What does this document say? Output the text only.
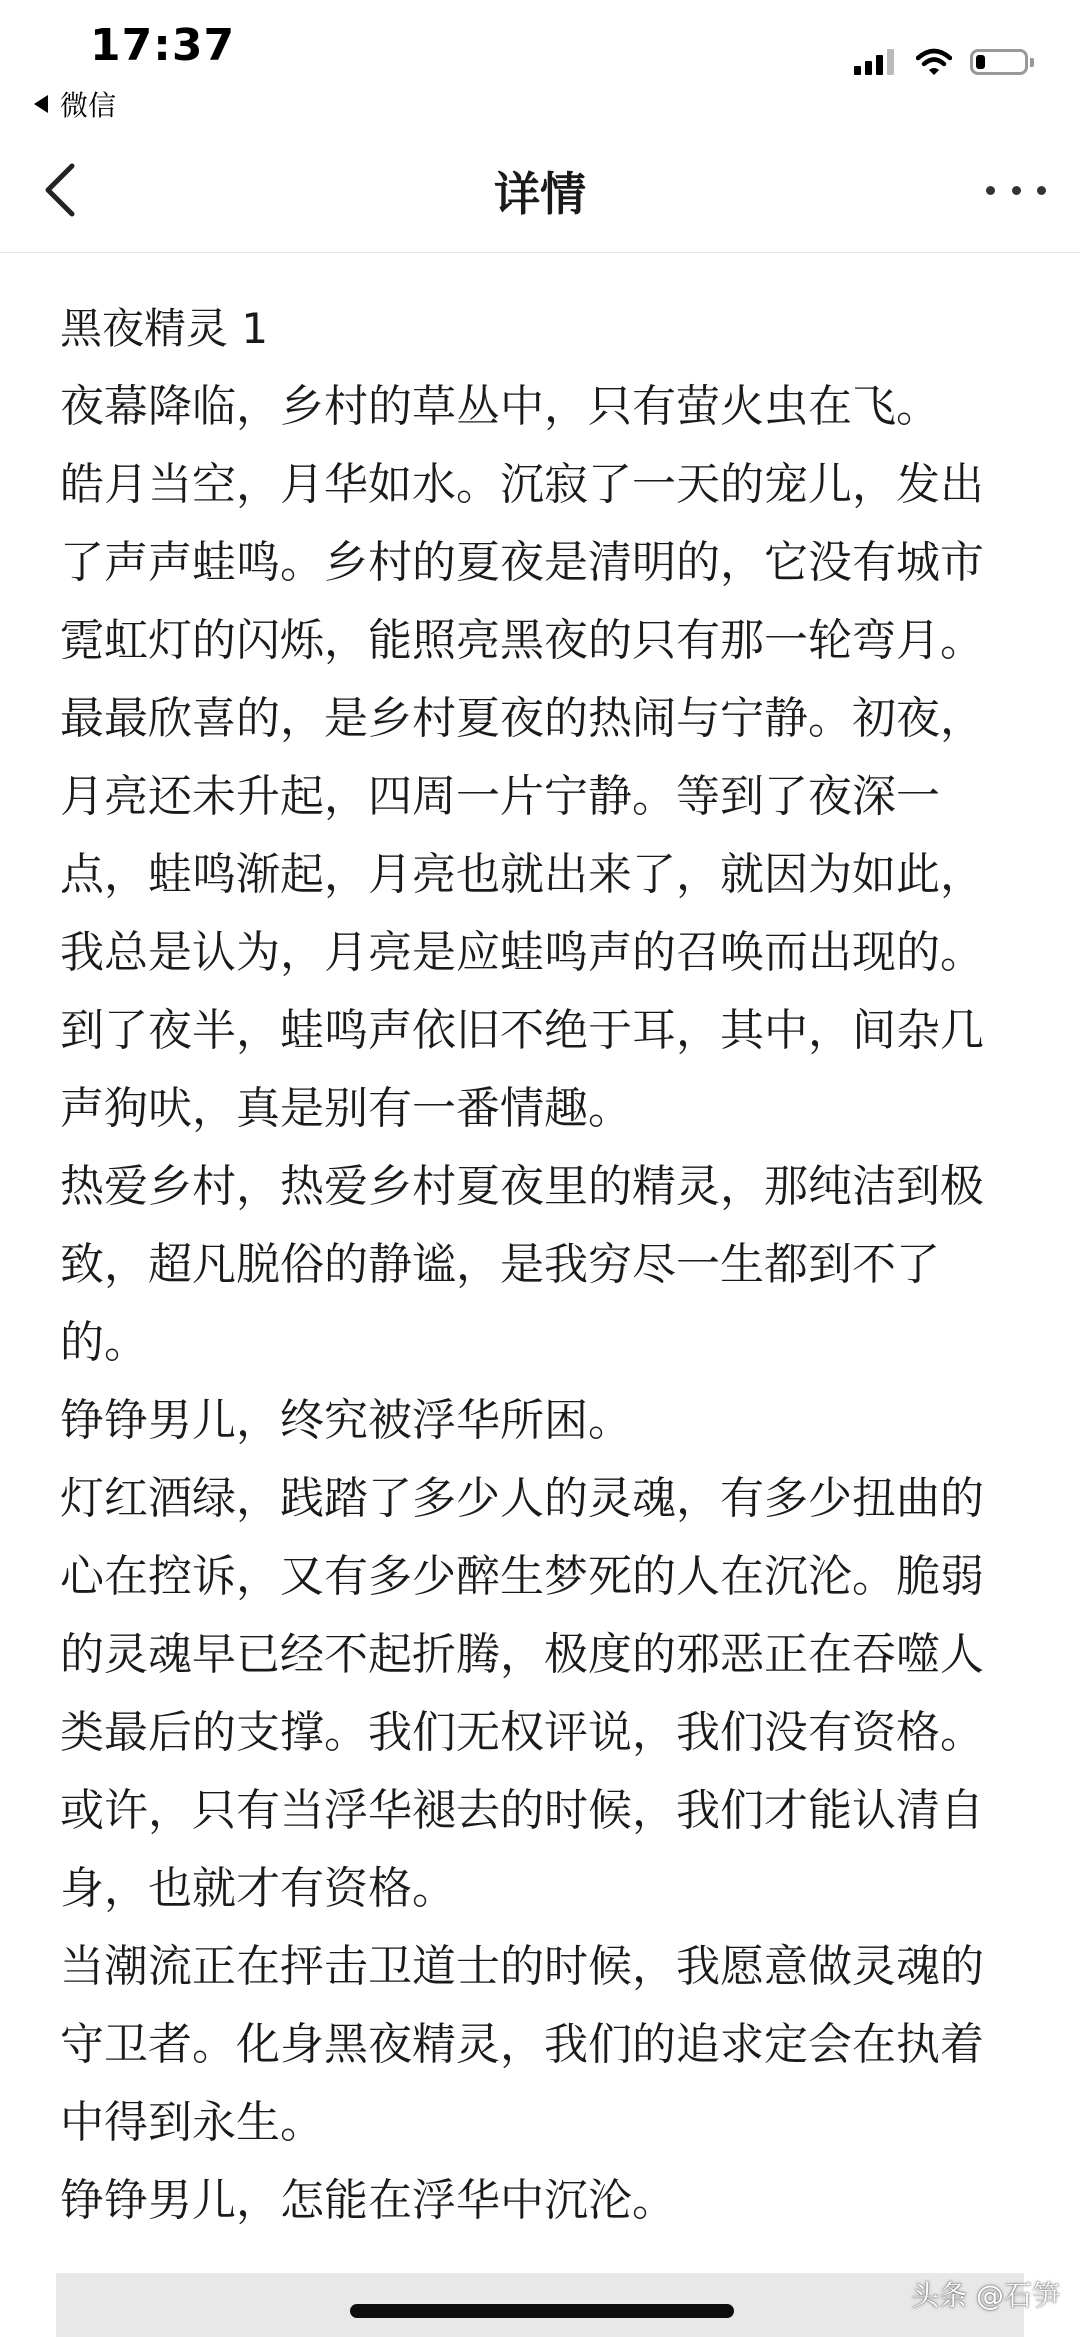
17:37
微信
详情
黑夜精灵 1
夜幕降临，乡村的草丛中，只有萤火虫在飞。
皓月当空，月华如水。沉寂了一天的宠儿，发出
了声声蛙鸣。乡村的夏夜是清明的，它没有城市
霓虹灯的闪烁，能照亮黑夜的只有那一轮弯月。
最最欣喜的，是乡村夏夜的热闹与宁静。初夜，
月亮还未升起，四周一片宁静。等到了夜深一
点，蛙鸣渐起，月亮也就出来了，就因为如此，
我总是认为，月亮是应蛙鸣声的召唤而出现的。
到了夜半，蛙鸣声依旧不绝于耳，其中，间杂几
声狗吠，真是别有一番情趣。
热爱乡村，热爱乡村夏夜里的精灵，那纯洁到极
致，超凡脱俗的静谧，是我穷尽一生都到不了
的。
铮铮男儿，终究被浮华所困。
灯红酒绿，践踏了多少人的灵魂，有多少扭曲的
心在控诉，又有多少醉生梦死的人在沉沦。脆弱
的灵魂早已经不起折腾，极度的邪恶正在吞噬人
类最后的支撑。我们无权评说，我们没有资格。
或许，只有当浮华褪去的时候，我们才能认清自
身，也就才有资格。
当潮流正在抨击卫道士的时候，我愿意做灵魂的
守卫者。化身黑夜精灵，我们的追求定会在执着
中得到永生。
铮铮男儿，怎能在浮华中沉沦。
头条 @石笋
